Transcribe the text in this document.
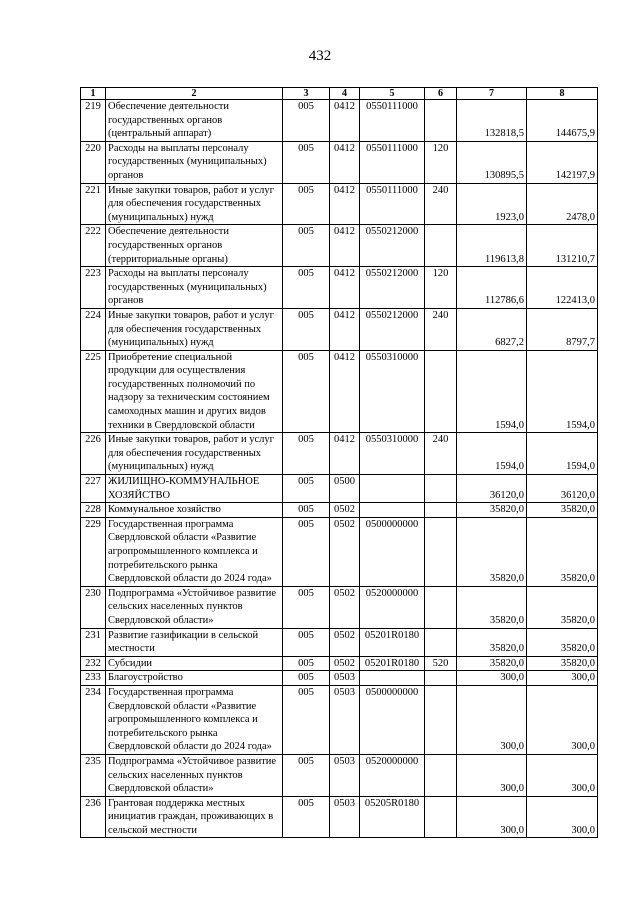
432
1	2	3	4	5	6	7	8
219	Обеспечение деятельности государственных органов (центральный аппарат)	005	0412	0550111000		132818,5	144675,9
220	Расходы на выплаты персоналу государственных (муниципальных) органов	005	0412	0550111000	120	130895,5	142197,9
221	Иные закупки товаров, работ и услуг для обеспечения государственных (муниципальных) нужд	005	0412	0550111000	240	1923,0	2478,0
222	Обеспечение деятельности государственных органов (территориальные органы)	005	0412	0550212000		119613,8	131210,7
223	Расходы на выплаты персоналу государственных (муниципальных) органов	005	0412	0550212000	120	112786,6	122413,0
224	Иные закупки товаров, работ и услуг для обеспечения государственных (муниципальных) нужд	005	0412	0550212000	240	6827,2	8797,7
225	Приобретение специальной продукции для осуществления государственных полномочий по надзору за техническим состоянием самоходных машин и других видов техники в Свердловской области	005	0412	0550310000		1594,0	1594,0
226	Иные закупки товаров, работ и услуг для обеспечения государственных (муниципальных) нужд	005	0412	0550310000	240	1594,0	1594,0
227	ЖИЛИЩНО-КОММУНАЛЬНОЕ ХОЗЯЙСТВО	005	0500			36120,0	36120,0
228	Коммунальное хозяйство	005	0502			35820,0	35820,0
229	Государственная программа Свердловской области «Развитие агропромышленного комплекса и потребительского рынка Свердловской области до 2024 года»	005	0502	0500000000		35820,0	35820,0
230	Подпрограмма «Устойчивое развитие сельских населенных пунктов Свердловской области»	005	0502	0520000000		35820,0	35820,0
231	Развитие газификации в сельской местности	005	0502	05201R0180		35820,0	35820,0
232	Субсидии	005	0502	05201R0180	520	35820,0	35820,0
233	Благоустройство	005	0503			300,0	300,0
234	Государственная программа Свердловской области «Развитие агропромышленного комплекса и потребительского рынка Свердловской области до 2024 года»	005	0503	0500000000		300,0	300,0
235	Подпрограмма «Устойчивое развитие сельских населенных пунктов Свердловской области»	005	0503	0520000000		300,0	300,0
236	Грантовая поддержка местных инициатив граждан, проживающих в сельской местности	005	0503	05205R0180		300,0	300,0
